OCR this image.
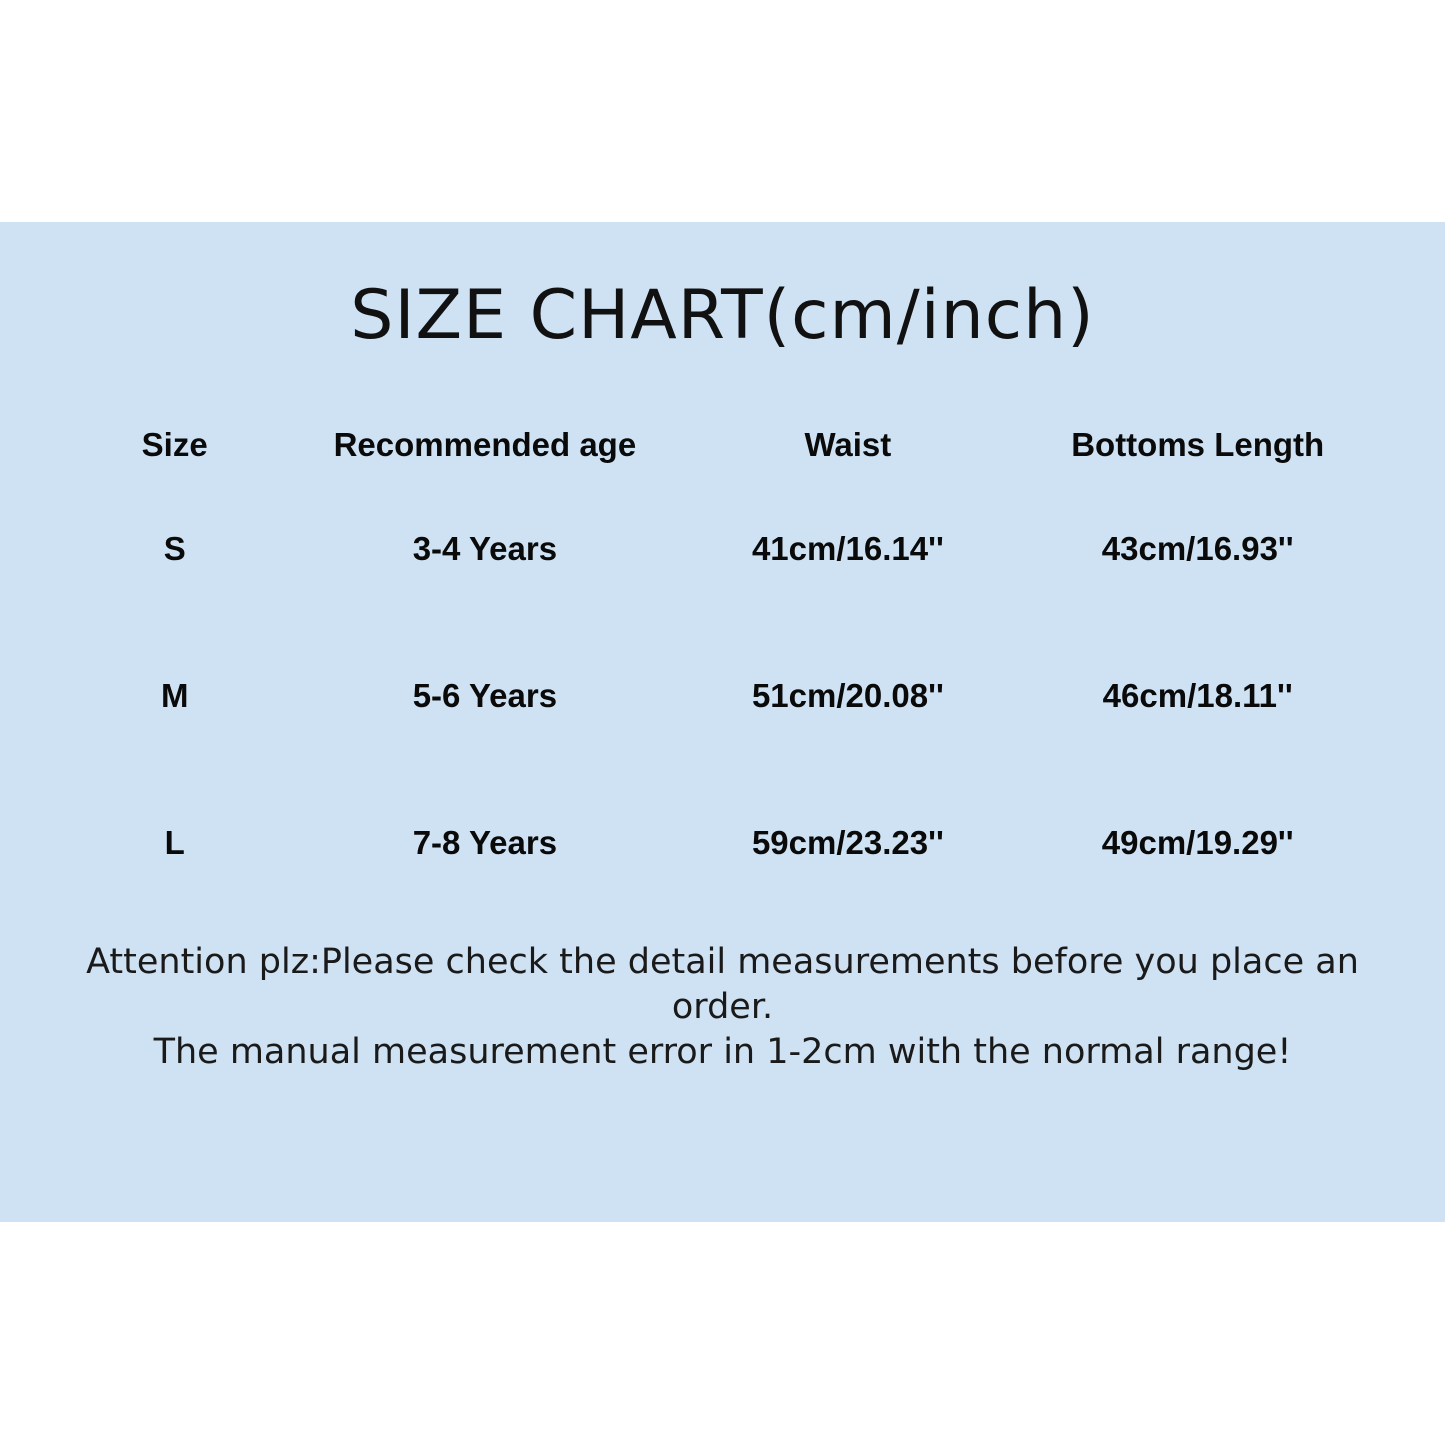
SIZE CHART(cm/inch)
Size	Recommended age	Waist	Bottoms Length
S	3-4 Years	41cm/16.14''	43cm/16.93''
M	5-6 Years	51cm/20.08''	46cm/18.11''
L	7-8 Years	59cm/23.23''	49cm/19.29''
Attention plz:Please check the detail measurements before you place an
order.
The manual measurement error in 1-2cm with the normal range!
